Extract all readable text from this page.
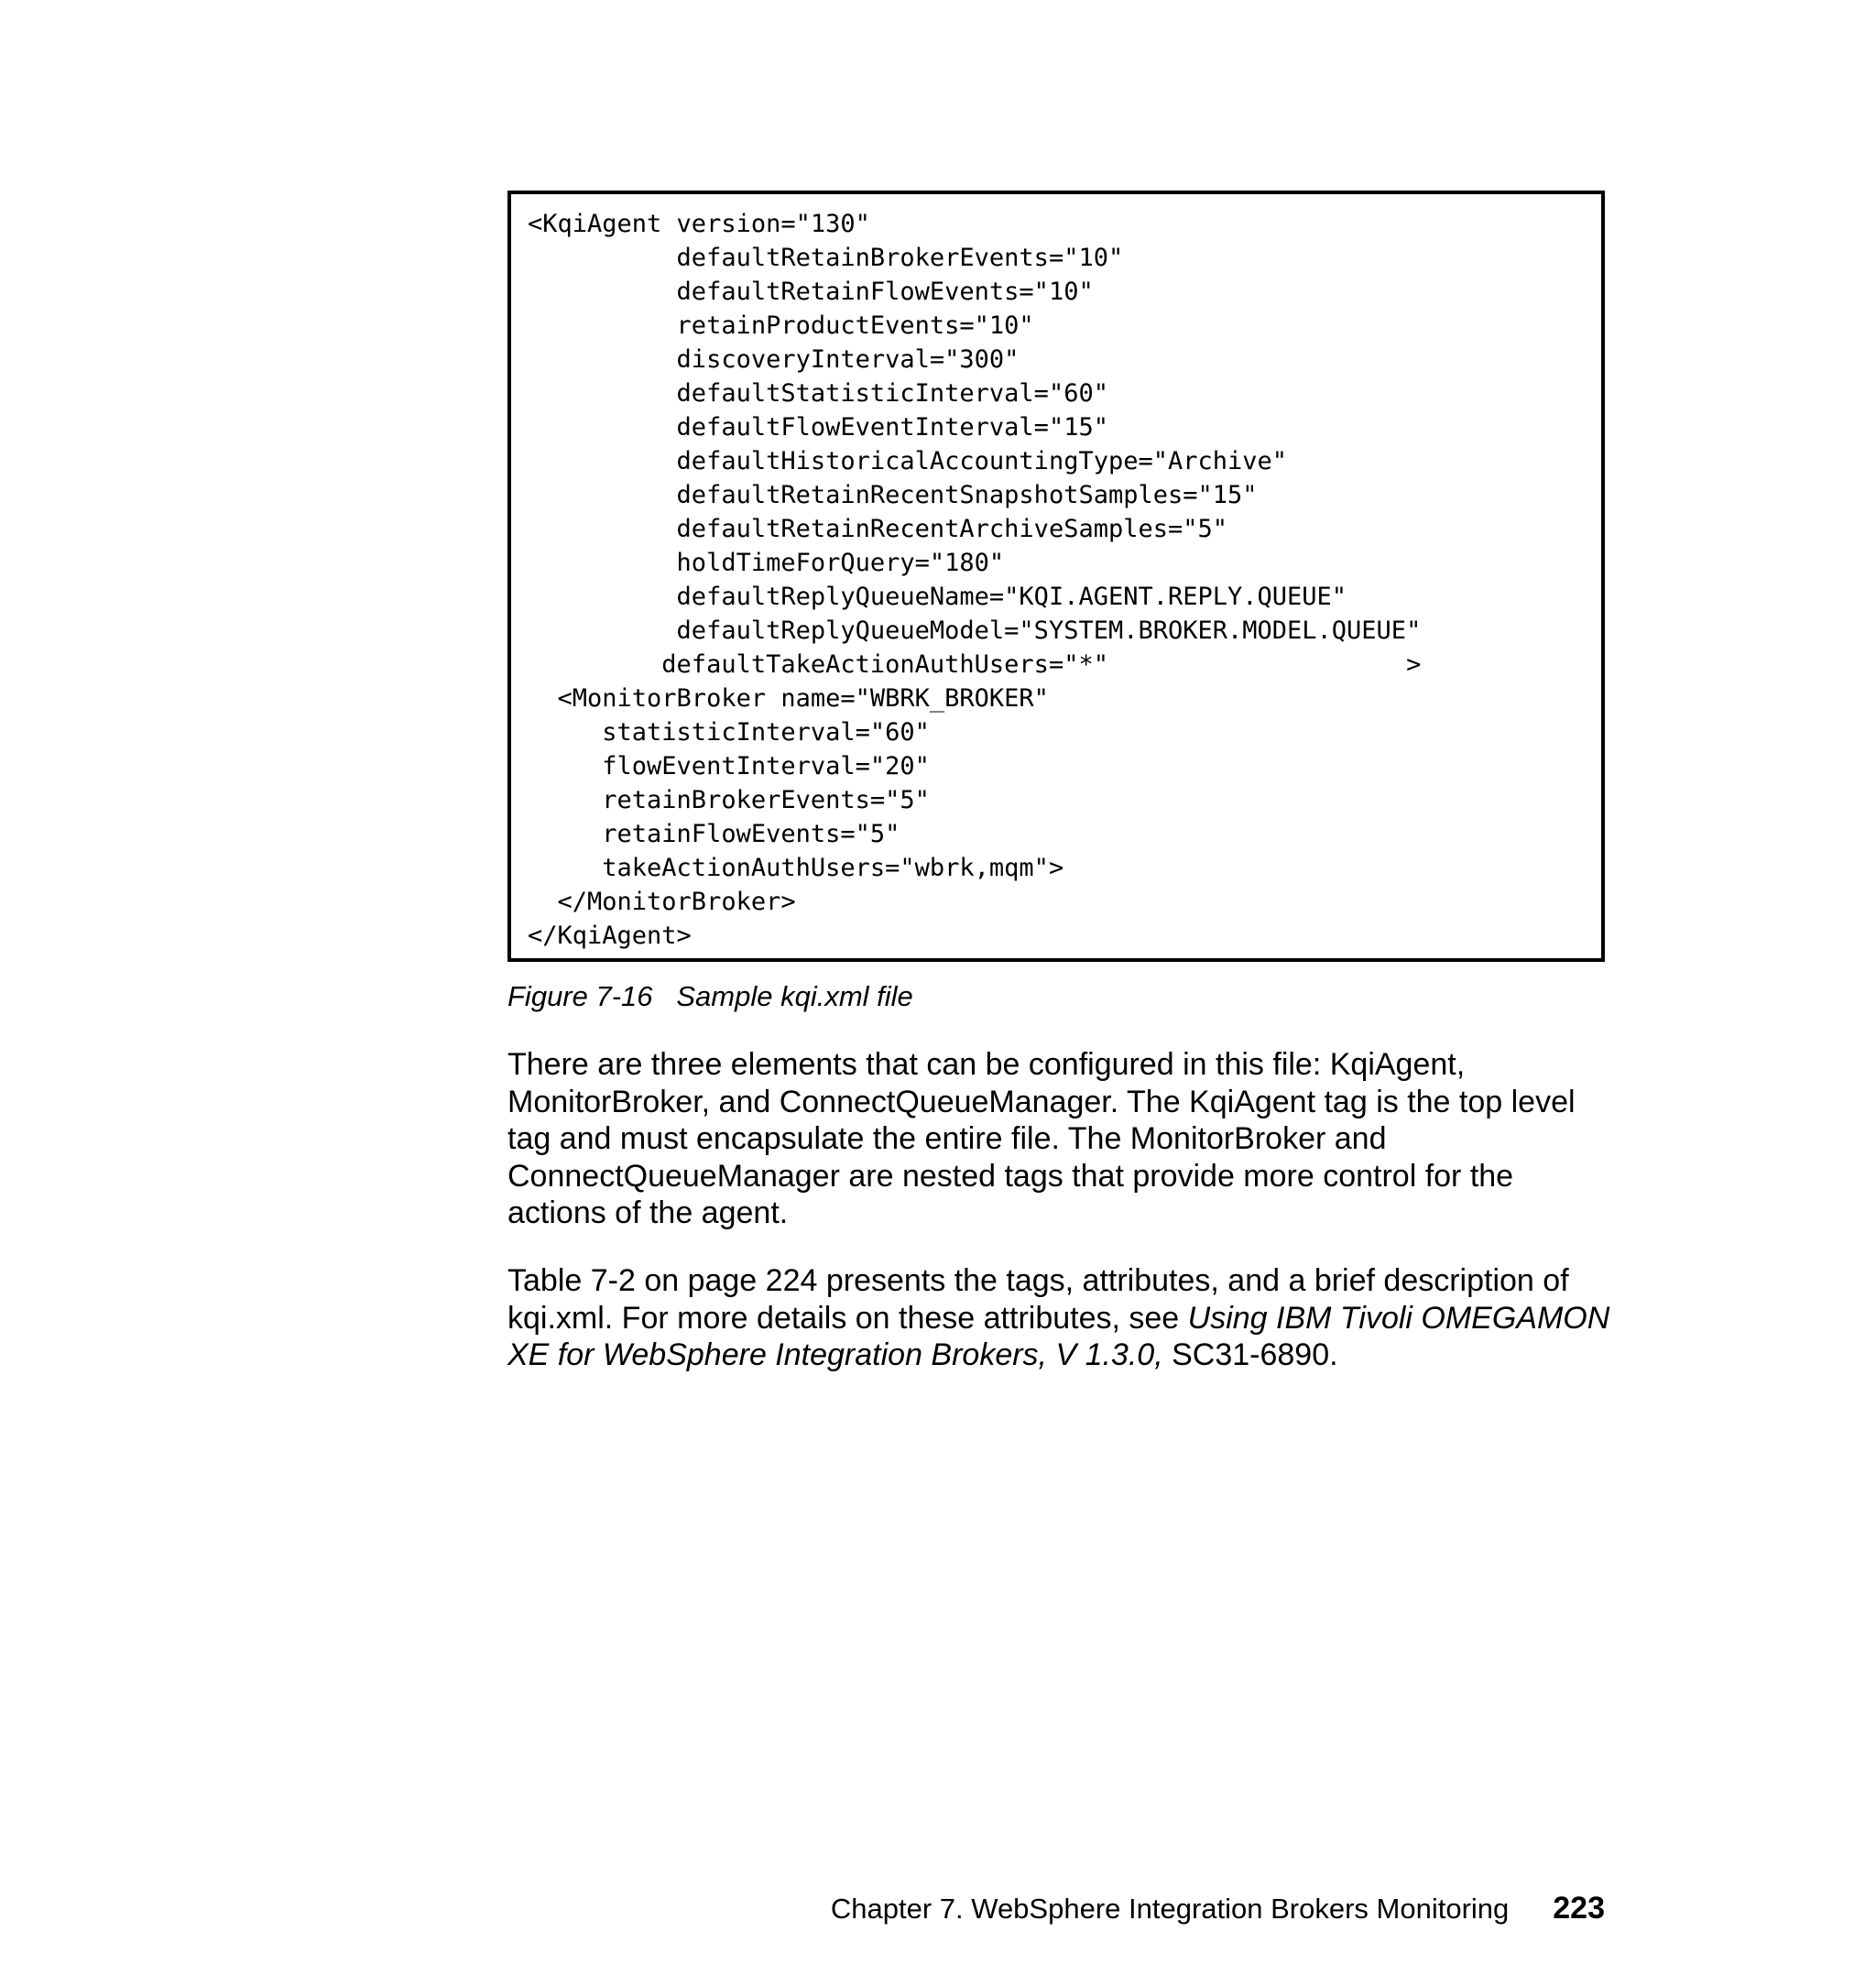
<KqiAgent version="130"
defaultRetainBrokerEvents="10"
defaultRetainFlowEvents="10"
retainProductEvents="10"
discoveryInterval="300"
defaultStatisticInterval="60"
defaultFlowEventInterval="15"
defaultHistoricalAccountingType="Archive"
defaultRetainRecentSnapshotSamples="15"
defaultRetainRecentArchiveSamples="5"
holdTimeForQuery="180"
defaultReplyQueueName="KQI.AGENT.REPLY.QUEUE"
defaultReplyQueueModel="SYSTEM.BROKER.MODEL.QUEUE"
defaultTakeActionAuthUsers="*"                    >
<MonitorBroker name="WBRK_BROKER"
statisticInterval="60"
flowEventInterval="20"
retainBrokerEvents="5"
retainFlowEvents="5"
takeActionAuthUsers="wbrk,mqm">
</MonitorBroker>
</KqiAgent>
Figure 7-16   Sample kqi.xml file

There are three elements that can be configured in this file: KqiAgent, MonitorBroker, and ConnectQueueManager. The KqiAgent tag is the top level tag and must encapsulate the entire file. The MonitorBroker and ConnectQueueManager are nested tags that provide more control for the actions of the agent.

Table 7-2 on page 224 presents the tags, attributes, and a brief description of kqi.xml. For more details on these attributes, see Using IBM Tivoli OMEGAMON XE for WebSphere Integration Brokers, V 1.3.0, SC31-6890.

Chapter 7. WebSphere Integration Brokers Monitoring 223
